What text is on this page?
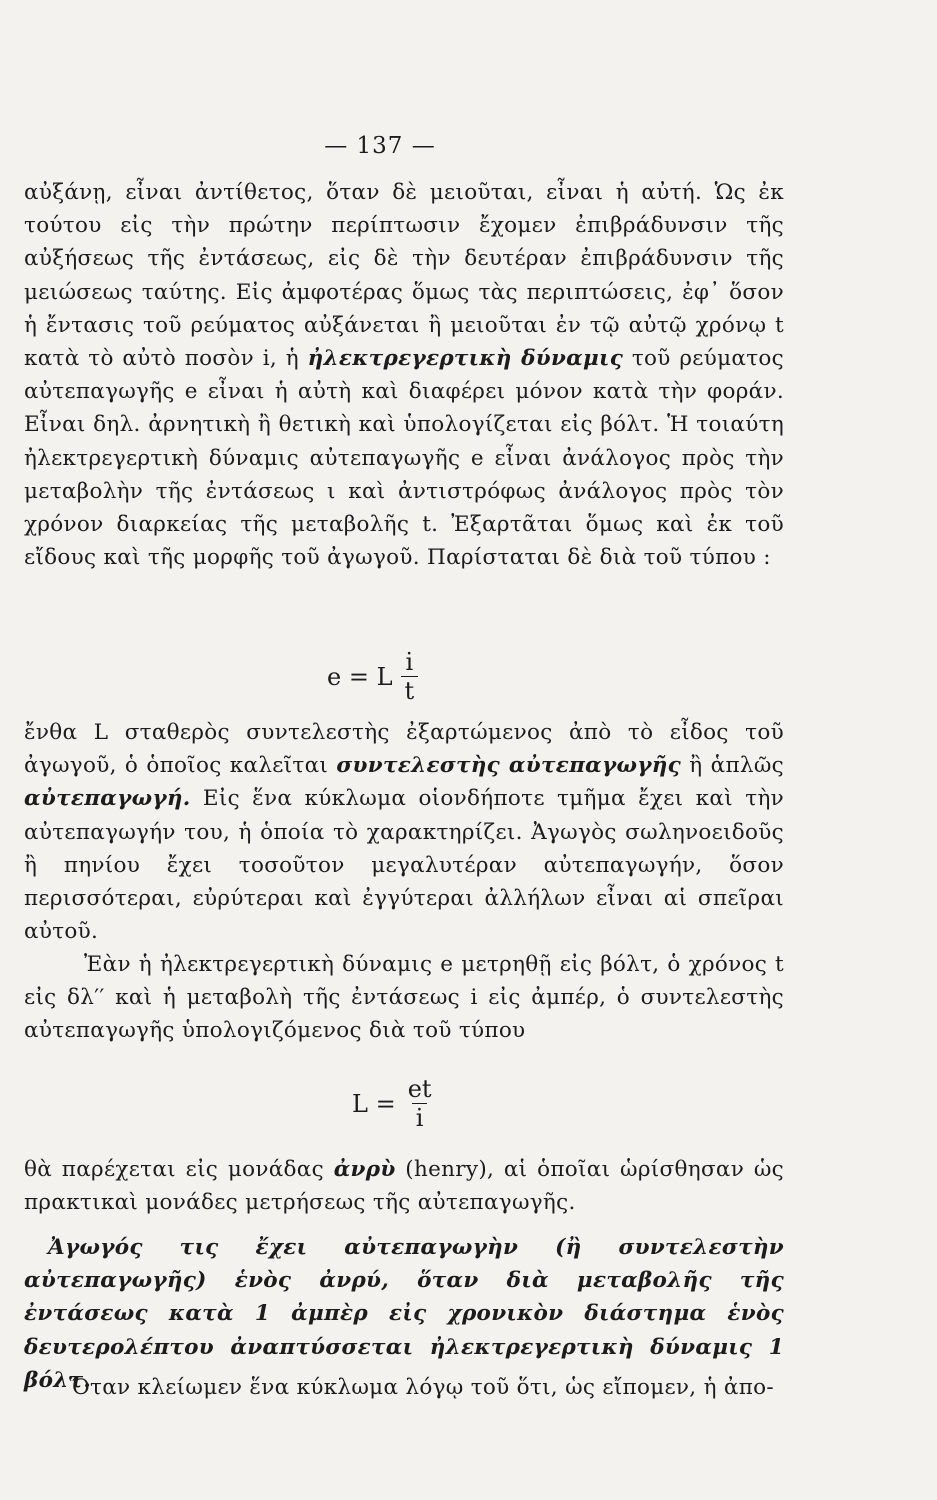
— 137 —
αὐξάνῃ, εἶναι ἀντίθετος, ὅταν δὲ μειοῦται, εἶναι ἡ αὐτή. Ὡς ἐκ τούτου εἰς τὴν πρώτην περίπτωσιν ἔχομεν ἐπιβράδυνσιν τῆς αὐξήσεως τῆς ἐντάσεως, εἰς δὲ τὴν δευτέραν ἐπιβράδυνσιν τῆς μειώσεως ταύτης. Εἰς ἀμφοτέρας ὅμως τὰς περιπτώσεις, ἐφ᾽ ὅσον ἡ ἔντασις τοῦ ρεύματος αὐξάνεται ἢ μειοῦται ἐν τῷ αὐτῷ χρόνῳ t κατὰ τὸ αὐτὸ ποσὸν i, ἡ ἠλεκτρεγερτικὴ δύναμις τοῦ ρεύματος αὐτεπαγωγῆς e εἶναι ἡ αὐτὴ καὶ διαφέρει μόνον κατὰ τὴν φοράν. Εἶναι δηλ. ἀρνητικὴ ἢ θετικὴ καὶ ὑπολογίζεται εἰς βόλτ. Ἡ τοιαύτη ἠλεκτρεγερτικὴ δύναμις αὐτεπαγωγῆς e εἶναι ἀνάλογος πρὸς τὴν μεταβολὴν τῆς ἐντάσεως ι καὶ ἀντιστρόφως ἀνάλογος πρὸς τὸν χρόνον διαρκείας τῆς μεταβολῆς t. Ἐξαρτᾶται ὅμως καὶ ἐκ τοῦ εἴδους καὶ τῆς μορφῆς τοῦ ἀγωγοῦ. Παρίσταται δὲ διὰ τοῦ τύπου :
e = L $\frac{i}{t}$
ἔνθα L σταθερὸς συντελεστὴς ἐξαρτώμενος ἀπὸ τὸ εἶδος τοῦ ἀγωγοῦ, ὁ ὁποῖος καλεῖται συντελεστὴς αὐτεπαγωγῆς ἢ ἁπλῶς αὐτεπαγωγή. Εἰς ἕνα κύκλωμα οἱονδήποτε τμῆμα ἔχει καὶ τὴν αὐτεπαγωγήν του, ἡ ὁποία τὸ χαρακτηρίζει. Ἀγωγὸς σωληνοειδοῦς ἢ πηνίου ἔχει τοσοῦτον μεγαλυτέραν αὐτεπαγωγήν, ὅσον περισσότεραι, εὐρύτεραι καὶ ἐγγύτεραι ἀλλήλων εἶναι αἱ σπεῖραι αὐτοῦ.
Ἐὰν ἡ ἠλεκτρεγερτικὴ δύναμις e μετρηθῇ εἰς βόλτ, ὁ χρόνος t εἰς δλ′′ καὶ ἡ μεταβολὴ τῆς ἐντάσεως i εἰς ἀμπέρ, ὁ συντελεστὴς αὐτεπαγωγῆς ὑπολογιζόμενος διὰ τοῦ τύπου
$L = \frac{et}{i}$
θὰ παρέχεται εἰς μονάδας ἀνρὺ (henry), αἱ ὁποῖαι ὡρίσθησαν ὡς πρακτικαὶ μονάδες μετρήσεως τῆς αὐτεπαγωγῆς.
Ἀγωγός τις ἔχει αὐτεπαγωγὴν (ἢ συντελεστὴν αὐτεπαγωγῆς) ἑνὸς ἀνρύ, ὅταν διὰ μεταβολῆς τῆς ἐντάσεως κατὰ 1 ἀμπὲρ εἰς χρονικὸν διάστημα ἑνὸς δευτερολέπτου ἀναπτύσσεται ἠλεκτρεγερτικὴ δύναμις 1 βόλτ.
Ὅταν κλείωμεν ἕνα κύκλωμα λόγῳ τοῦ ὅτι, ὡς εἴπομεν, ἡ ἀπο-
